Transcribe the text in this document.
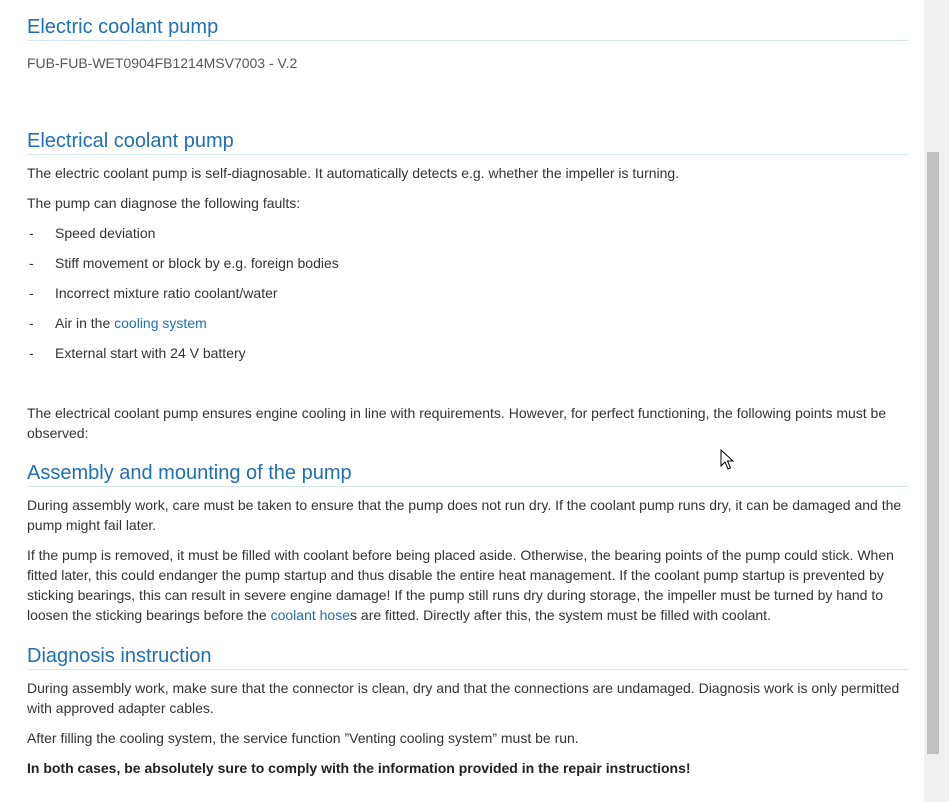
Electric coolant pump

FUB-FUB-WET0904FB1214MSV7003 - V.2

Electrical coolant pump

The electric coolant pump is self-diagnosable. It automatically detects e.g. whether the impeller is turning.

The pump can diagnose the following faults:

- Speed deviation
- Stiff movement or block by e.g. foreign bodies
- Incorrect mixture ratio coolant/water
- Air in the cooling system
- External start with 24 V battery

The electrical coolant pump ensures engine cooling in line with requirements. However, for perfect functioning, the following points must be observed:

Assembly and mounting of the pump

During assembly work, care must be taken to ensure that the pump does not run dry. If the coolant pump runs dry, it can be damaged and the pump might fail later.

If the pump is removed, it must be filled with coolant before being placed aside. Otherwise, the bearing points of the pump could stick. When fitted later, this could endanger the pump startup and thus disable the entire heat management. If the coolant pump startup is prevented by sticking bearings, this can result in severe engine damage! If the pump still runs dry during storage, the impeller must be turned by hand to loosen the sticking bearings before the coolant hoses are fitted. Directly after this, the system must be filled with coolant.

Diagnosis instruction

During assembly work, make sure that the connector is clean, dry and that the connections are undamaged. Diagnosis work is only permitted with approved adapter cables.

After filling the cooling system, the service function ”Venting cooling system” must be run.

In both cases, be absolutely sure to comply with the information provided in the repair instructions!
